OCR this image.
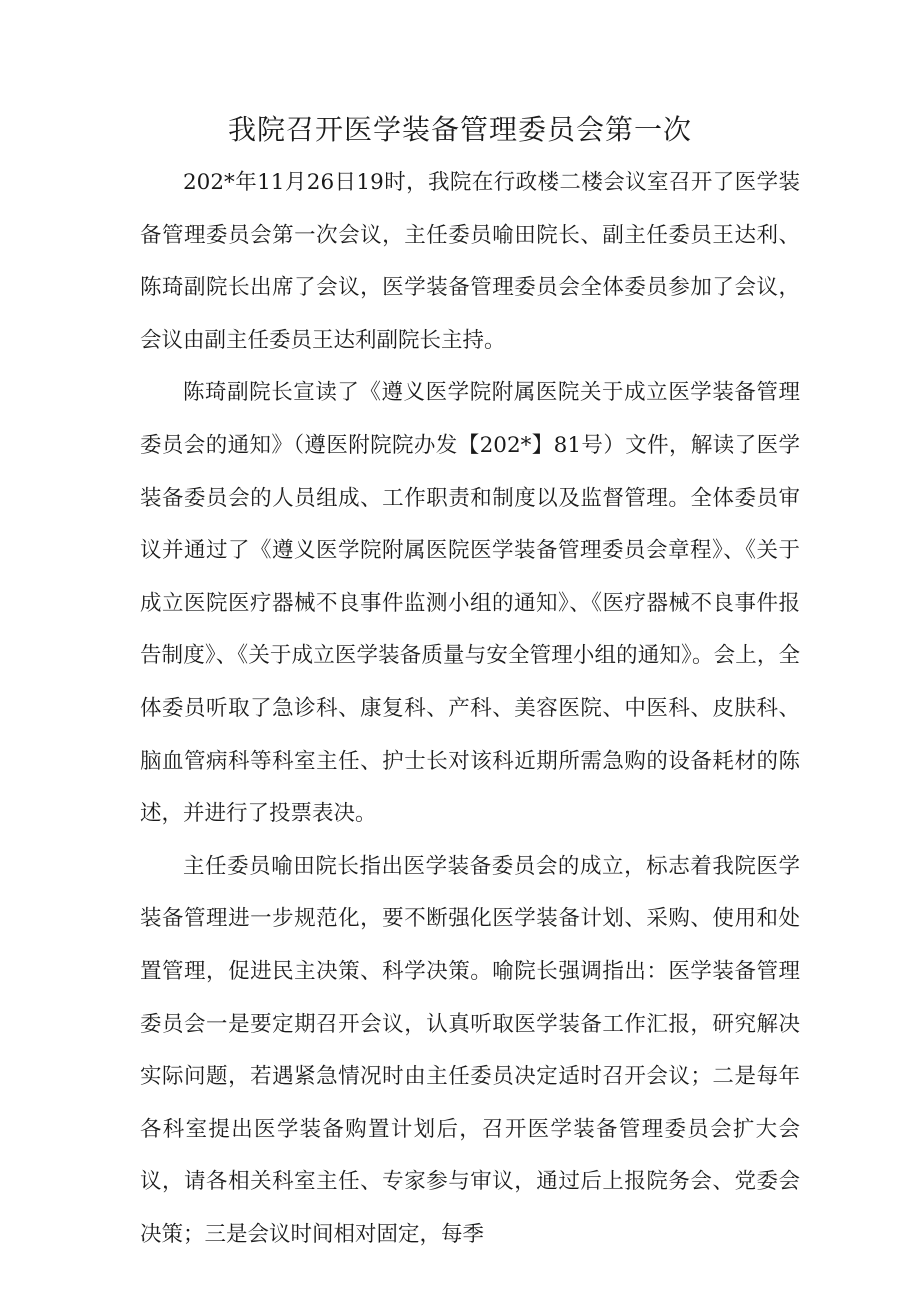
我院召开医学装备管理委员会第一次

202*年11月26日19时，我院在行政楼二楼会议室召开了医学装备管理委员会第一次会议，主任委员喻田院长、副主任委员王达利、陈琦副院长出席了会议，医学装备管理委员会全体委员参加了会议，会议由副主任委员王达利副院长主持。

陈琦副院长宣读了《遵义医学院附属医院关于成立医学装备管理委员会的通知》（遵医附院院办发【202*】81号）文件，解读了医学装备委员会的人员组成、工作职责和制度以及监督管理。全体委员审议并通过了《遵义医学院附属医院医学装备管理委员会章程》、《关于成立医院医疗器械不良事件监测小组的通知》、《医疗器械不良事件报告制度》、《关于成立医学装备质量与安全管理小组的通知》。会上，全体委员听取了急诊科、康复科、产科、美容医院、中医科、皮肤科、脑血管病科等科室主任、护士长对该科近期所需急购的设备耗材的陈述，并进行了投票表决。

主任委员喻田院长指出医学装备委员会的成立，标志着我院医学装备管理进一步规范化，要不断强化医学装备计划、采购、使用和处置管理，促进民主决策、科学决策。喻院长强调指出：医学装备管理委员会一是要定期召开会议，认真听取医学装备工作汇报，研究解决实际问题，若遇紧急情况时由主任委员决定适时召开会议；二是每年各科室提出医学装备购置计划后，召开医学装备管理委员会扩大会议，请各相关科室主任、专家参与审议，通过后上报院务会、党委会决策；三是会议时间相对固定，每季
